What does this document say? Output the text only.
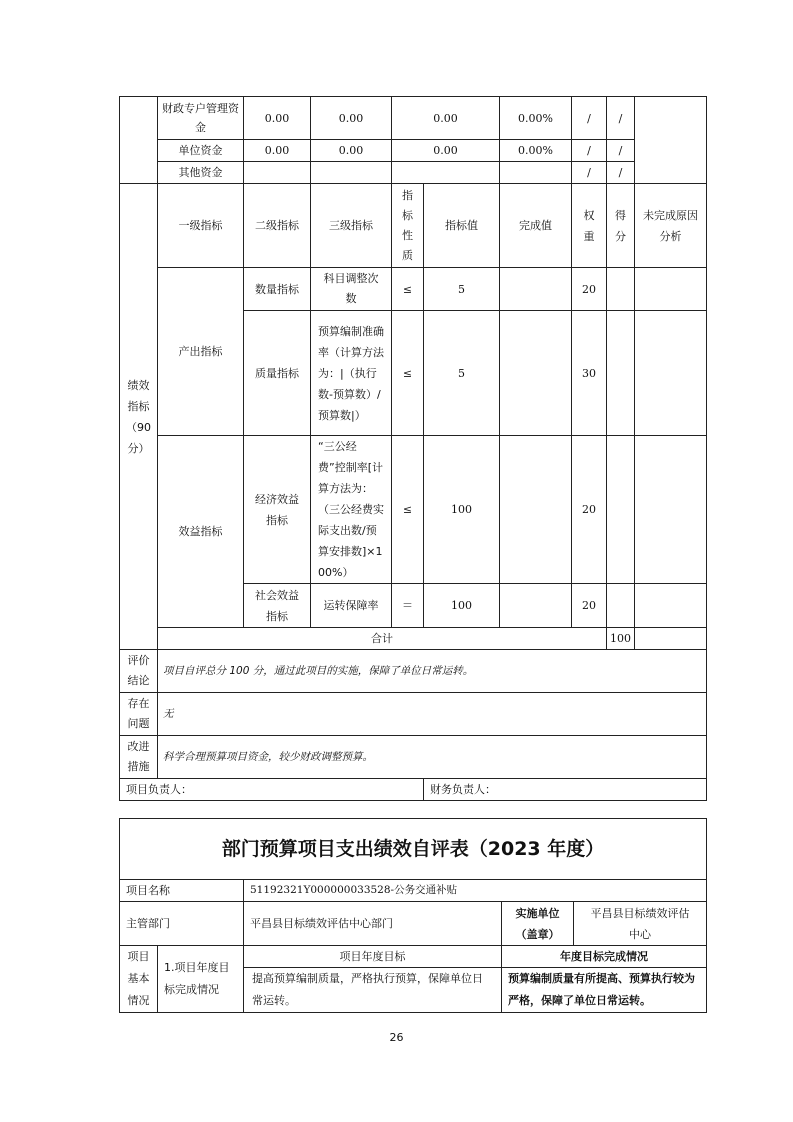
	财政专户管理资金	0.00	0.00	0.00		0.00%	/	/		
	单位资金	0.00	0.00	0.00		0.00%	/	/		
	其他资金						/	/		
绩效指标（90分）	一级指标	二级指标	三级指标	指标性质	指标值	完成值	权重	得分	未完成原因分析	
	产出指标	数量指标	科目调整次数	≤	5		20			
		质量指标	预算编制准确率（计算方法为：|（执行数-预算数）/预算数|）	≤	5		30			
	效益指标	经济效益指标	“三公经费”控制率[计算方法为：（三公经费实际支出数/预算安排数]×100%）	≤	100		20			
		社会效益指标	运转保障率	＝	100		20			
	合计							100		
评价结论	项目自评总分 100 分，通过此项目的实施，保障了单位日常运转。									
存在问题	无									
改进措施	科学合理预算项目资金，较少财政调整预算。									
项目负责人：					财务负责人：					
部门预算项目支出绩效自评表（2023 年度）				
项目名称		51192321Y000000033528-公务交通补贴		
主管部门		平昌县目标绩效评估中心部门	实施单位（盖章）	平昌县目标绩效评估中心
项目基本情况	1.项目年度目标完成情况	项目年度目标	年度目标完成情况	
		提高预算编制质量，严格执行预算，保障单位日常运转。	预算编制质量有所提高、预算执行较为严格，保障了单位日常运转。	
26
